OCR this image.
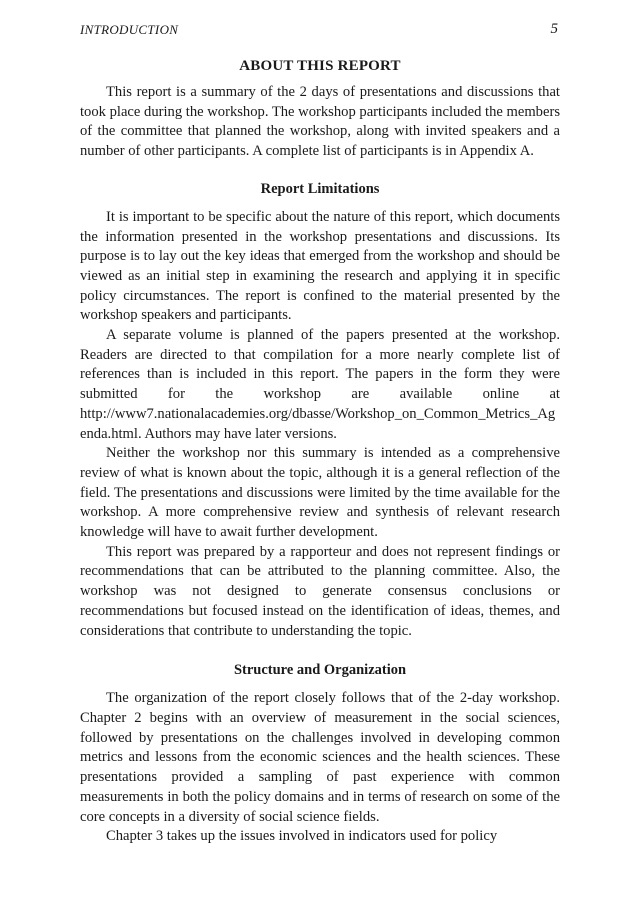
INTRODUCTION	5
ABOUT THIS REPORT

This report is a summary of the 2 days of presentations and discussions that took place during the workshop. The workshop participants included the members of the committee that planned the workshop, along with invited speakers and a number of other participants. A complete list of participants is in Appendix A.

Report Limitations

It is important to be specific about the nature of this report, which documents the information presented in the workshop presentations and discussions. Its purpose is to lay out the key ideas that emerged from the workshop and should be viewed as an initial step in examining the research and applying it in specific policy circumstances. The report is confined to the material presented by the workshop speakers and participants.

A separate volume is planned of the papers presented at the workshop. Readers are directed to that compilation for a more nearly complete list of references than is included in this report. The papers in the form they were submitted for the workshop are available online at http://www7.nationalacademies.org/dbasse/Workshop_on_Common_Metrics_Agenda.html. Authors may have later versions.

Neither the workshop nor this summary is intended as a comprehensive review of what is known about the topic, although it is a general reflection of the field. The presentations and discussions were limited by the time available for the workshop. A more comprehensive review and synthesis of relevant research knowledge will have to await further development.

This report was prepared by a rapporteur and does not represent findings or recommendations that can be attributed to the planning committee. Also, the workshop was not designed to generate consensus conclusions or recommendations but focused instead on the identification of ideas, themes, and considerations that contribute to understanding the topic.

Structure and Organization

The organization of the report closely follows that of the 2-day workshop. Chapter 2 begins with an overview of measurement in the social sciences, followed by presentations on the challenges involved in developing common metrics and lessons from the economic sciences and the health sciences. These presentations provided a sampling of past experience with common measurements in both the policy domains and in terms of research on some of the core concepts in a diversity of social science fields.

Chapter 3 takes up the issues involved in indicators used for policy
